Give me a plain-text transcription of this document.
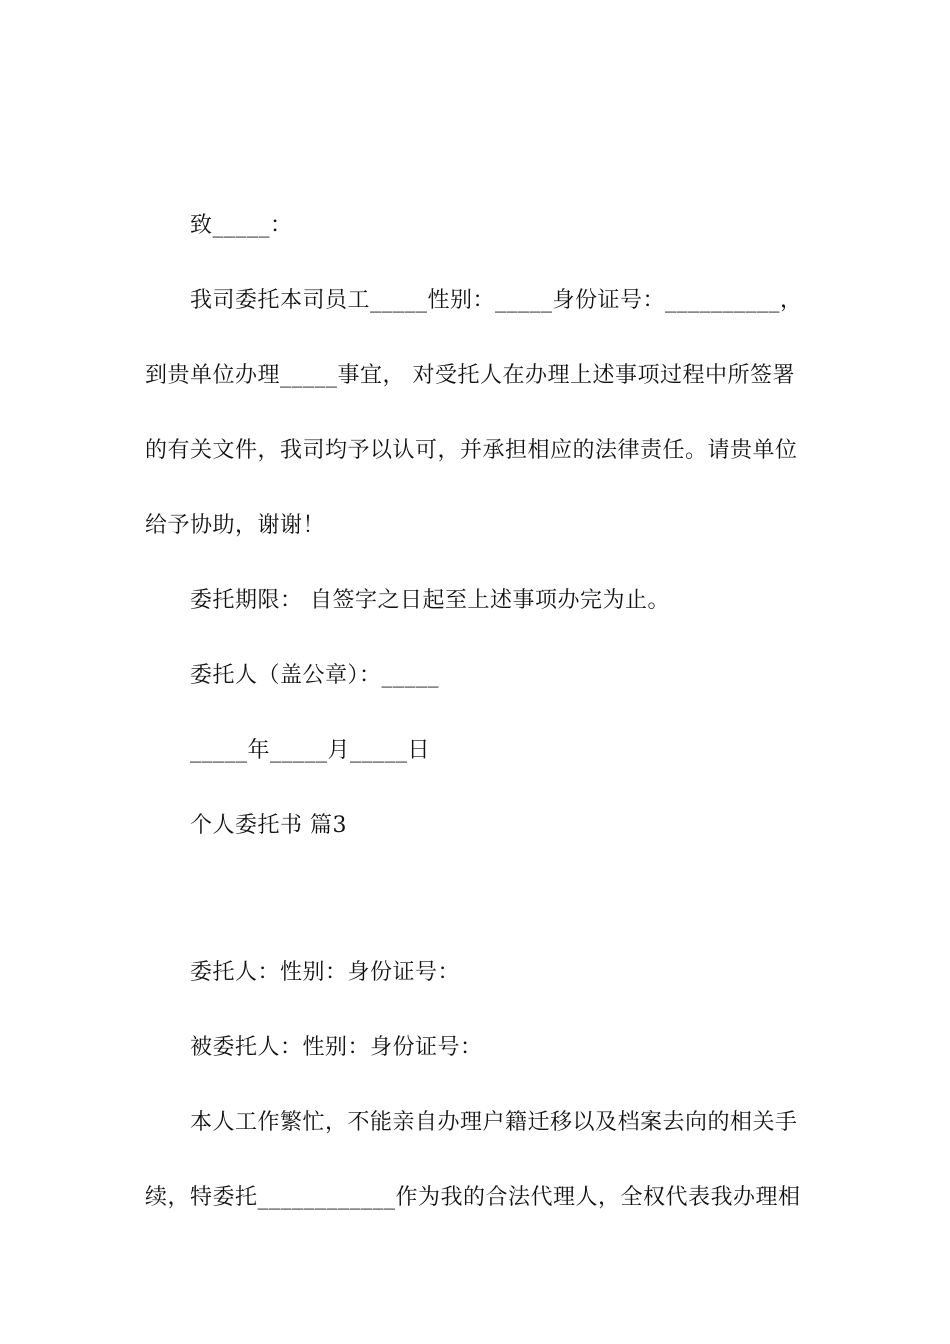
致_____：
我司委托本司员工_____性别：_____身份证号：__________，
到贵单位办理_____事宜， 对受托人在办理上述事项过程中所签署
的有关文件，我司均予以认可，并承担相应的法律责任。请贵单位
给予协助，谢谢！
委托期限： 自签字之日起至上述事项办完为止。
委托人（盖公章）：_____
_____年_____月_____日
个人委托书 篇3
委托人：性别：身份证号：
被委托人：性别：身份证号：
本人工作繁忙，不能亲自办理户籍迁移以及档案去向的相关手
续，特委托____________作为我的合法代理人，全权代表我办理相
